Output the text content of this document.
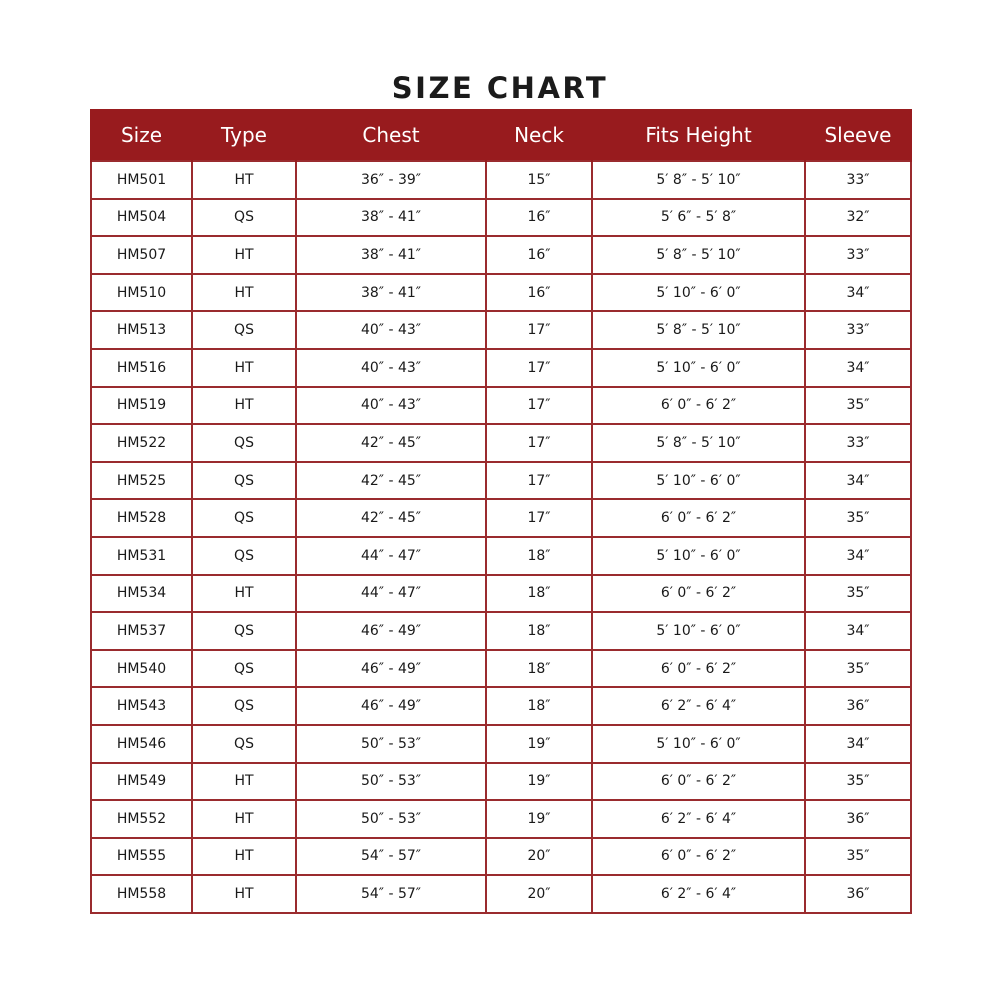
SIZE CHART
Size	Type	Chest	Neck	Fits Height	Sleeve
HM501	HT	36″ - 39″	15″	5′ 8″ - 5′ 10″	33″
HM504	QS	38″ - 41″	16″	5′ 6″ - 5′ 8″	32″
HM507	HT	38″ - 41″	16″	5′ 8″ - 5′ 10″	33″
HM510	HT	38″ - 41″	16″	5′ 10″ - 6′ 0″	34″
HM513	QS	40″ - 43″	17″	5′ 8″ - 5′ 10″	33″
HM516	HT	40″ - 43″	17″	5′ 10″ - 6′ 0″	34″
HM519	HT	40″ - 43″	17″	6′ 0″ - 6′ 2″	35″
HM522	QS	42″ - 45″	17″	5′ 8″ - 5′ 10″	33″
HM525	QS	42″ - 45″	17″	5′ 10″ - 6′ 0″	34″
HM528	QS	42″ - 45″	17″	6′ 0″ - 6′ 2″	35″
HM531	QS	44″ - 47″	18″	5′ 10″ - 6′ 0″	34″
HM534	HT	44″ - 47″	18″	6′ 0″ - 6′ 2″	35″
HM537	QS	46″ - 49″	18″	5′ 10″ - 6′ 0″	34″
HM540	QS	46″ - 49″	18″	6′ 0″ - 6′ 2″	35″
HM543	QS	46″ - 49″	18″	6′ 2″ - 6′ 4″	36″
HM546	QS	50″ - 53″	19″	5′ 10″ - 6′ 0″	34″
HM549	HT	50″ - 53″	19″	6′ 0″ - 6′ 2″	35″
HM552	HT	50″ - 53″	19″	6′ 2″ - 6′ 4″	36″
HM555	HT	54″ - 57″	20″	6′ 0″ - 6′ 2″	35″
HM558	HT	54″ - 57″	20″	6′ 2″ - 6′ 4″	36″
